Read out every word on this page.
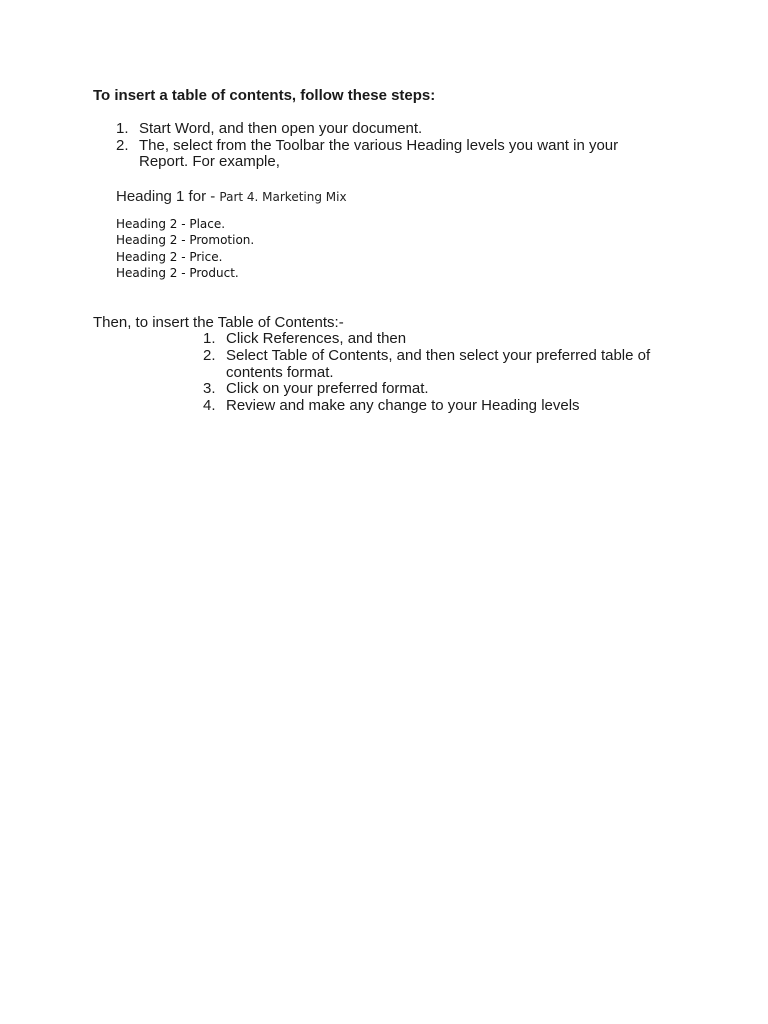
To insert a table of contents, follow these steps:
1. Start Word, and then open your document.
2. The, select from the Toolbar the various Heading levels you want in your Report. For example,
Heading 1 for - Part 4. Marketing Mix
Heading 2 - Place.
Heading 2 - Promotion.
Heading 2 - Price.
Heading 2 - Product.
Then, to insert the Table of Contents:-
1. Click References, and then
2. Select Table of Contents, and then select your preferred table of contents format.
3. Click on your preferred format.
4. Review and make any change to your Heading levels
